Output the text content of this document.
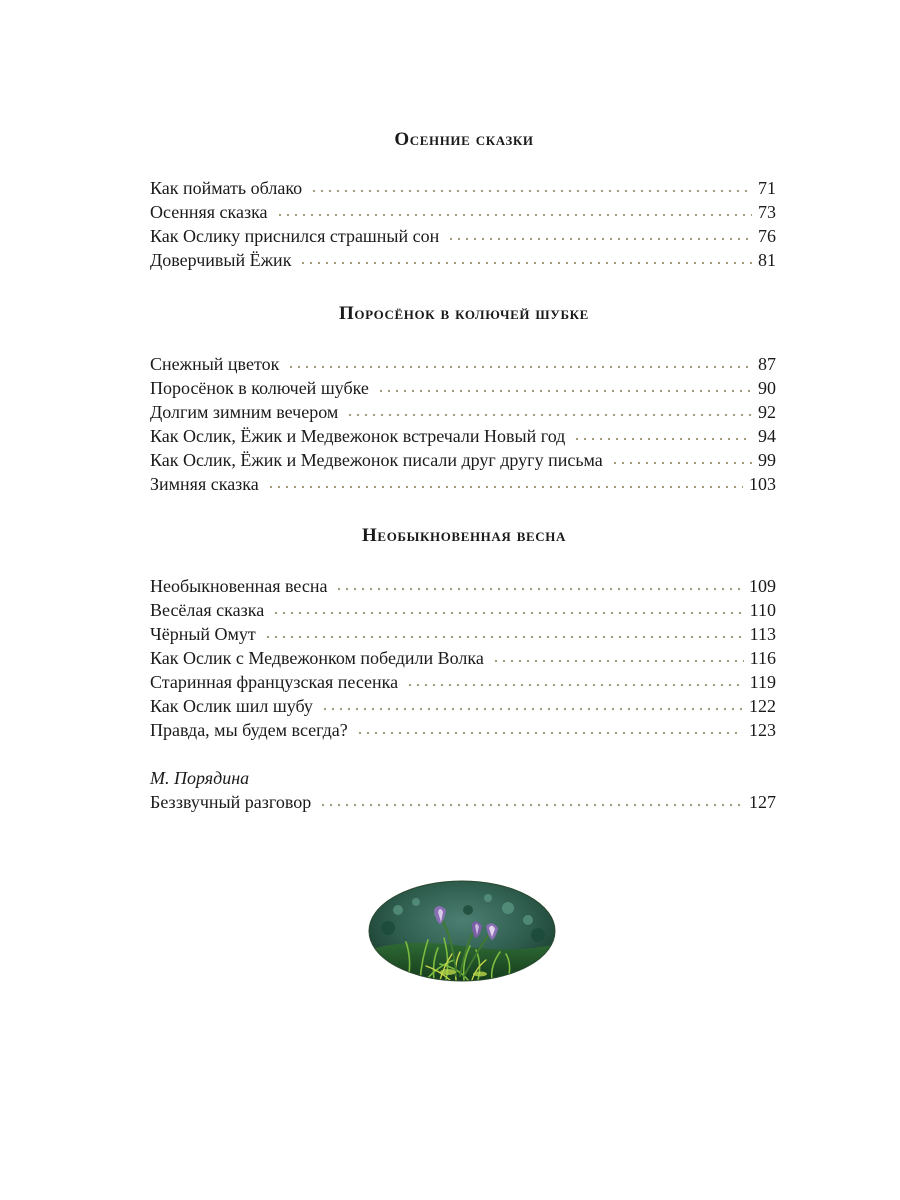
Осенние сказки
Как поймать облако	71
Осенняя сказка	73
Как Ослику приснился страшный сон	76
Доверчивый Ёжик	81
Поросёнок в колючей шубке
Снежный цветок	87
Поросёнок в колючей шубке	90
Долгим зимним вечером	92
Как Ослик, Ёжик и Медвежонок встречали Новый год	94
Как Ослик, Ёжик и Медвежонок писали друг другу письма	99
Зимняя сказка	103
Необыкновенная весна
Необыкновенная весна	109
Весёлая сказка	110
Чёрный Омут	113
Как Ослик с Медвежонком победили Волка	116
Старинная французская песенка	119
Как Ослик шил шубу	122
Правда, мы будем всегда?	123
М. Порядина
Беззвучный разговор	127
